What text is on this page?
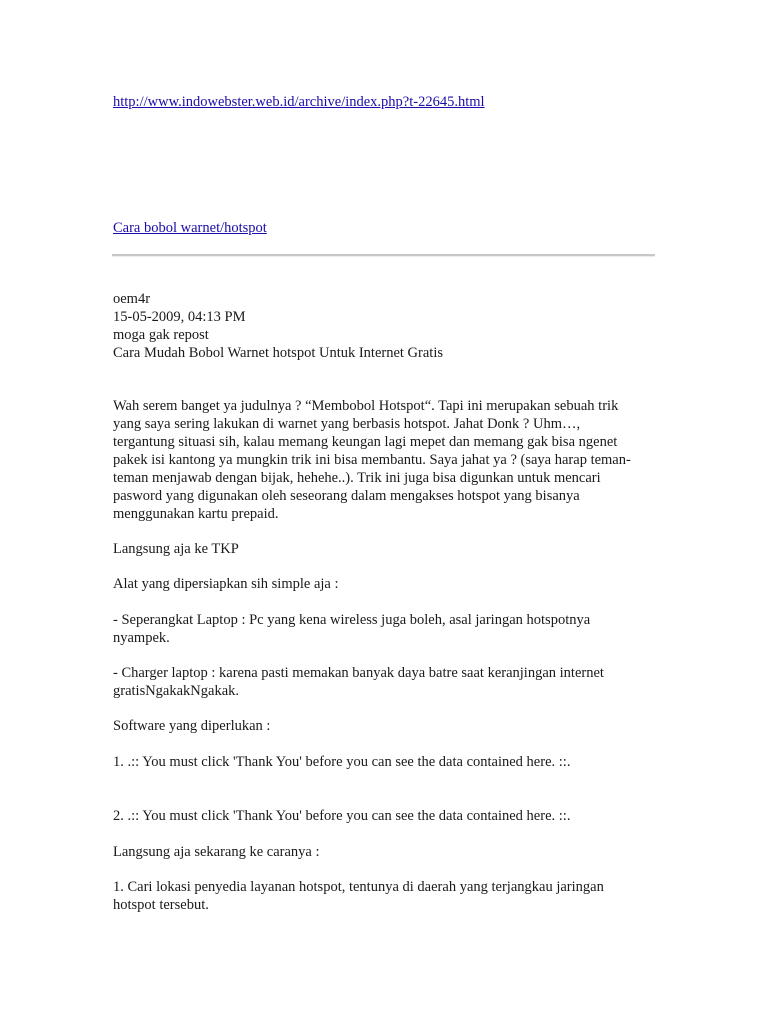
http://www.indowebster.web.id/archive/index.php?t-22645.html
Cara bobol warnet/hotspot

oem4r

15-05-2009, 04:13 PM

moga gak repost

Cara Mudah Bobol Warnet hotspot Untuk Internet Gratis

Wah serem banget ya judulnya ? “Membobol Hotspot“. Tapi ini merupakan sebuah trik

yang saya sering lakukan di warnet yang berbasis hotspot. Jahat Donk ? Uhm…,

tergantung situasi sih, kalau memang keungan lagi mepet dan memang gak bisa ngenet

pakek isi kantong ya mungkin trik ini bisa membantu. Saya jahat ya ? (saya harap teman-

teman menjawab dengan bijak, hehehe..). Trik ini juga bisa digunkan untuk mencari

pasword yang digunakan oleh seseorang dalam mengakses hotspot yang bisanya

menggunakan kartu prepaid.

Langsung aja ke TKP

Alat yang dipersiapkan sih simple aja :

- Seperangkat Laptop : Pc yang kena wireless juga boleh, asal jaringan hotspotnya

nyampek.

- Charger laptop : karena pasti memakan banyak daya batre saat keranjingan internet

gratisNgakakNgakak.

Software yang diperlukan :

1. .:: You must click 'Thank You' before you can see the data contained here. ::.

2. .:: You must click 'Thank You' before you can see the data contained here. ::.

Langsung aja sekarang ke caranya :

1. Cari lokasi penyedia layanan hotspot, tentunya di daerah yang terjangkau jaringan

hotspot tersebut.
